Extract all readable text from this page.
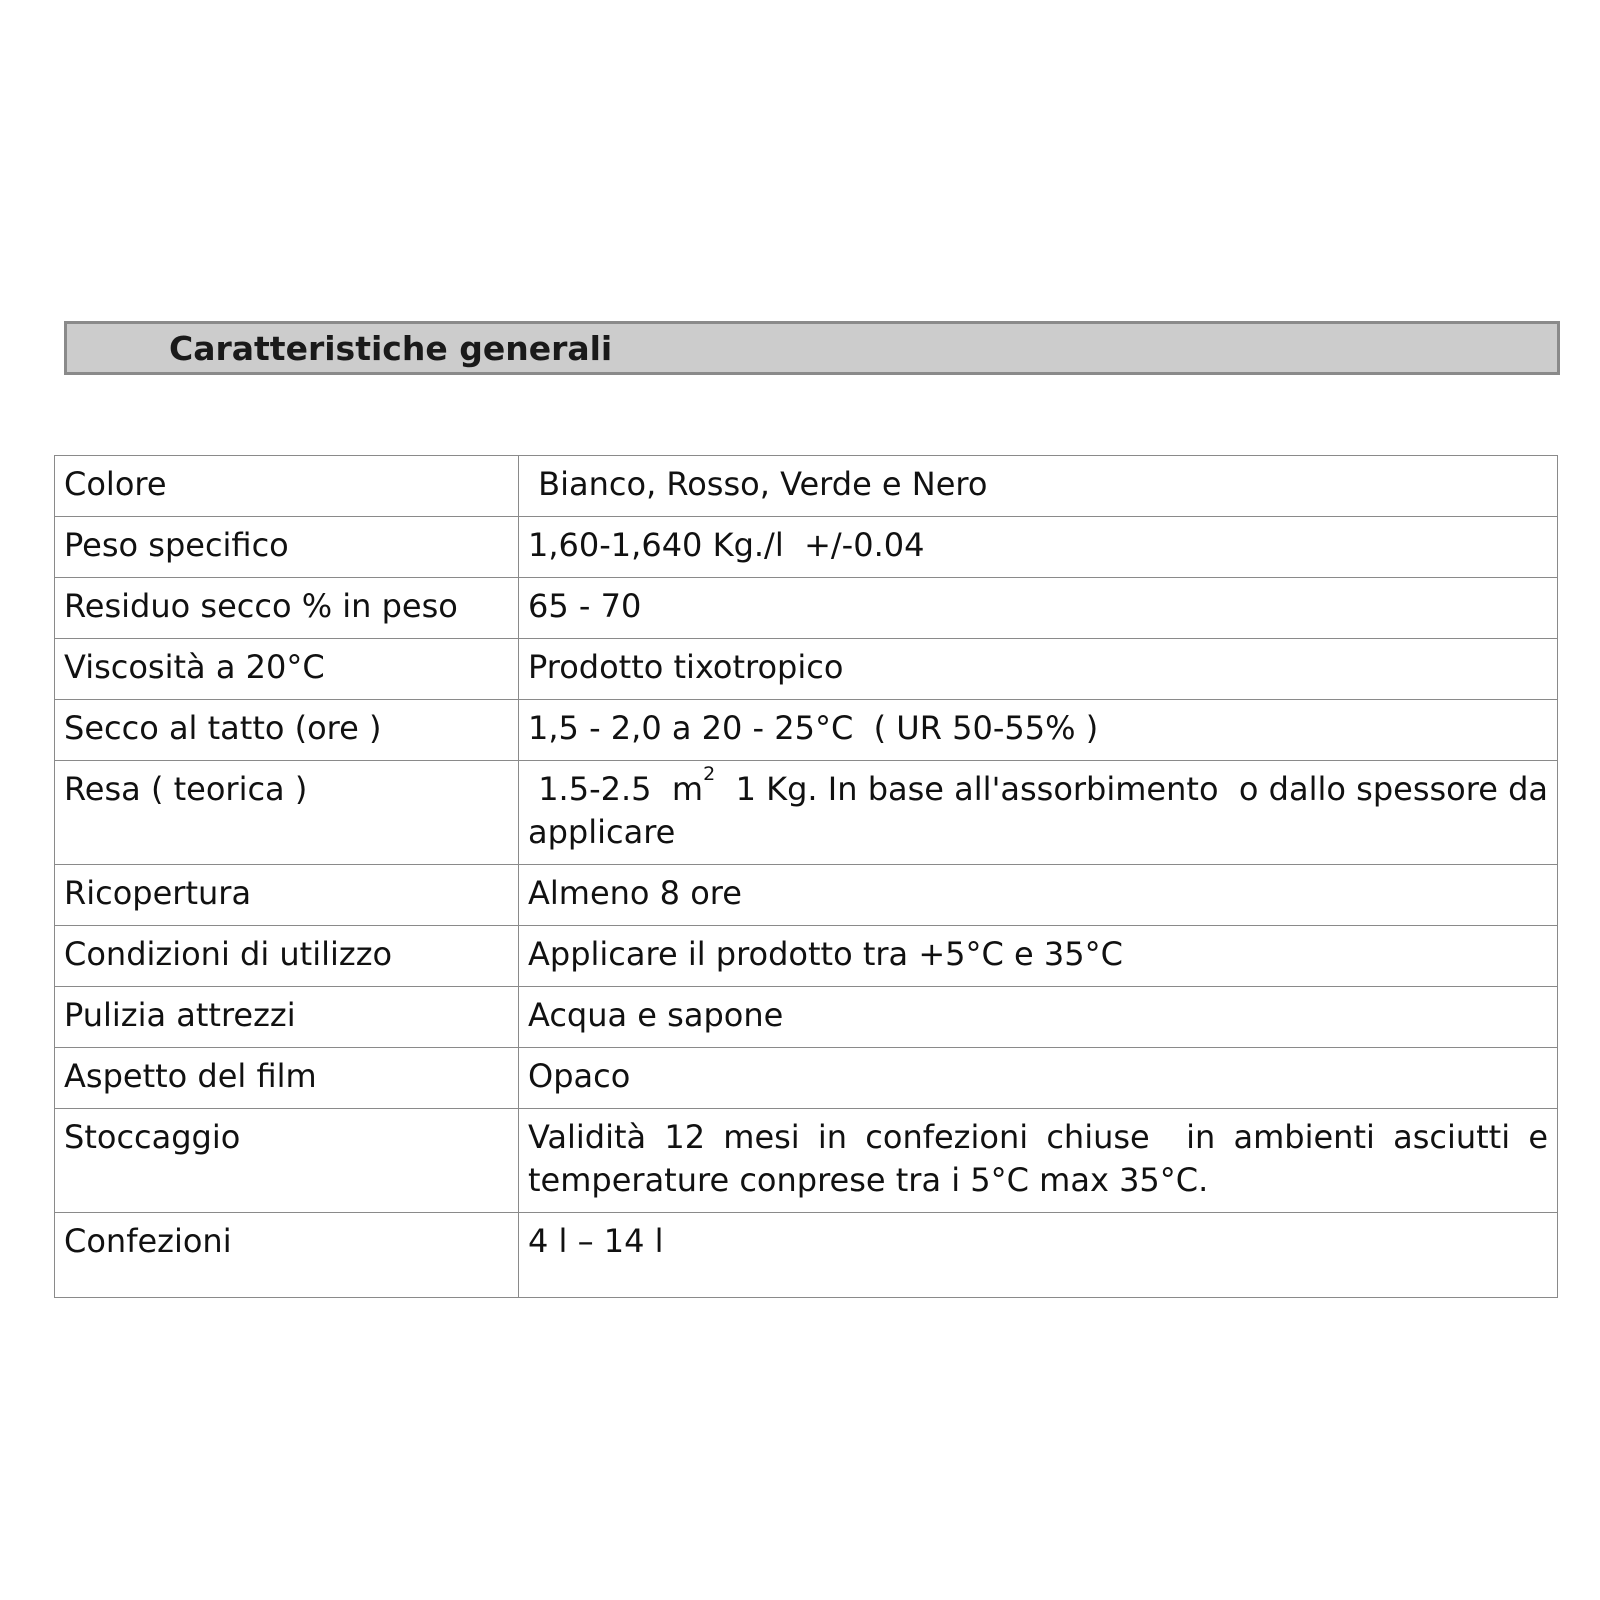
Caratteristiche generali
Colore	Bianco, Rosso, Verde e Nero
Peso specifico	1,60-1,640 Kg./l  +/-0.04
Residuo secco % in peso	65 - 70
Viscosità a 20°C	Prodotto tixotropico
Secco al tatto (ore )	1,5 - 2,0 a 20 - 25°C  ( UR 50-55% )
Resa ( teorica )	1.5-2.5  $m^2$  1 Kg. In base all'assorbimento  o dallo spessore da applicare
Ricopertura	Almeno 8 ore
Condizioni di utilizzo	Applicare il prodotto tra +5°C e 35°C
Pulizia attrezzi	Acqua e sapone
Aspetto del film	Opaco
Stoccaggio	Validità 12 mesi in confezioni chiuse  in ambienti asciutti e temperature conprese tra i 5°C max 35°C.
Confezioni	4 l – 14 l
